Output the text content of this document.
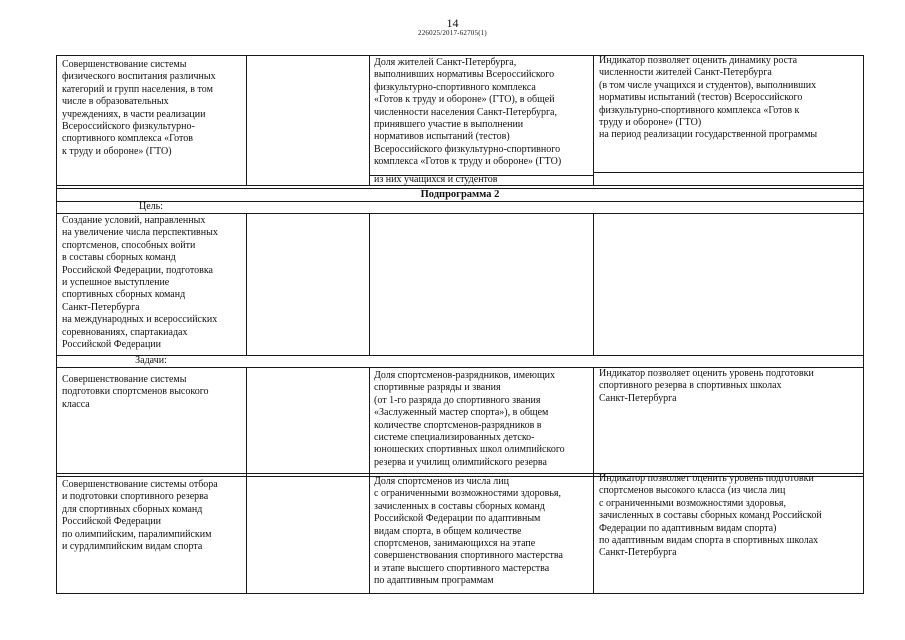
14
226025/2017-62705(1)
Совершенствование системы
физического воспитания различных
категорий и групп населения, в том
числе в образовательных
учреждениях, в части реализации
Всероссийского физкультурно-
спортивного комплекса «Готов
к труду и обороне» (ГТО)
Доля жителей Санкт-Петербурга,
выполнивших нормативы Всероссийского
физкультурно-спортивного комплекса
«Готов к труду и обороне» (ГТО), в общей
численности населения Санкт-Петербурга,
принявшего участие в выполнении
нормативов испытаний (тестов)
Всероссийского физкультурно-спортивного
комплекса «Готов к труду и обороне» (ГТО)
из них учащихся и студентов
Индикатор позволяет оценить динамику роста
численности жителей Санкт-Петербурга
(в том числе учащихся и студентов), выполнивших
нормативы испытаний (тестов) Всероссийского
физкультурно-спортивного комплекса «Готов к
труду и обороне» (ГТО)
на период реализации государственной программы
Подпрограмма 2
Цель:
Создание условий, направленных
на увеличение числа перспективных
спортсменов, способных войти
в составы сборных команд
Российской Федерации, подготовка
и успешное выступление
спортивных сборных команд
Санкт-Петербурга
на международных и всероссийских
соревнованиях, спартакиадах
Российской Федерации
Задачи:
Совершенствование системы
подготовки спортсменов высокого
класса
Доля спортсменов-разрядников, имеющих
спортивные разряды и звания
(от 1-го разряда до спортивного звания
«Заслуженный мастер спорта»), в общем
количестве спортсменов-разрядников в
системе специализированных детско-
юношеских спортивных школ олимпийского
резерва и училищ олимпийского резерва
Индикатор позволяет оценить уровень подготовки
спортивного резерва в спортивных школах
Санкт-Петербурга
Совершенствование системы отбора
и подготовки спортивного резерва
для спортивных сборных команд
Российской Федерации
по олимпийским, паралимпийским
и сурдлимпийским видам спорта
Доля спортсменов из числа лиц
с ограниченными возможностями здоровья,
зачисленных в составы сборных команд
Российской Федерации по адаптивным
видам спорта, в общем количестве
спортсменов, занимающихся на этапе
совершенствования спортивного мастерства
и этапе высшего спортивного мастерства
по адаптивным программам
Индикатор позволяет оценить уровень подготовки
спортсменов высокого класса (из числа лиц
с ограниченными возможностями здоровья,
зачисленных в составы сборных команд Российской
Федерации по адаптивным видам спорта)
по адаптивным видам спорта в спортивных школах
Санкт-Петербурга
